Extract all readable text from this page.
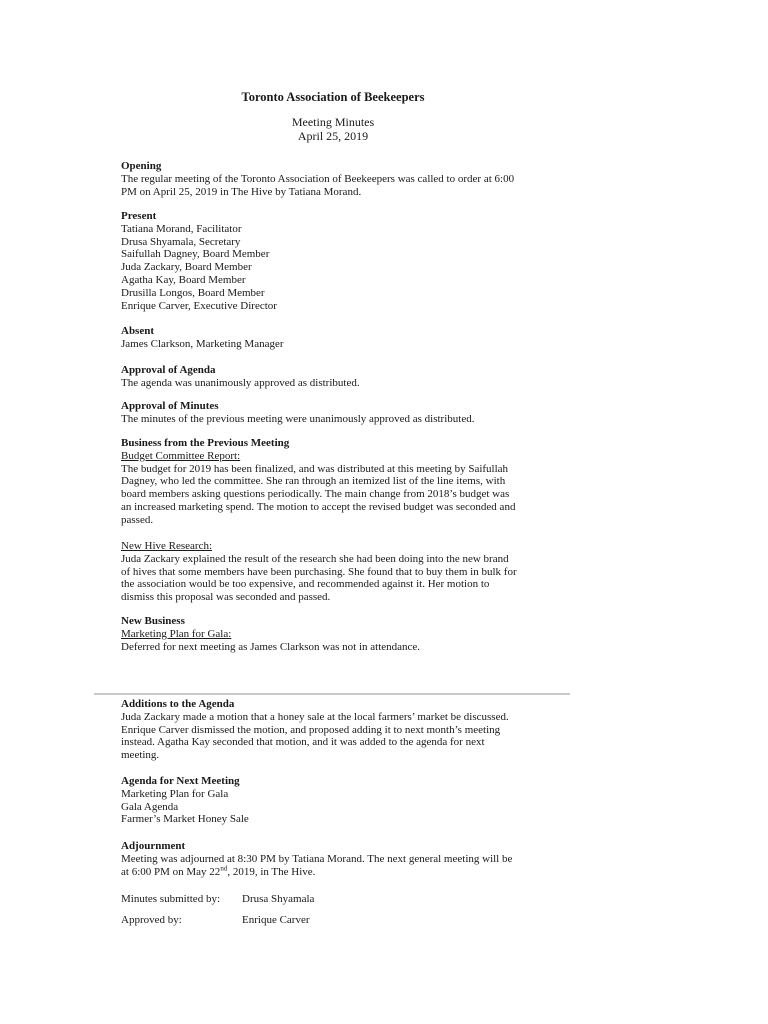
Toronto Association of Beekeepers

Meeting Minutes

April 25, 2019

Opening

The regular meeting of the Toronto Association of Beekeepers was called to order at 6:00

PM on April 25, 2019 in The Hive by Tatiana Morand.

Present

Tatiana Morand, Facilitator

Drusa Shyamala, Secretary

Saifullah Dagney, Board Member

Juda Zackary, Board Member

Agatha Kay, Board Member

Drusilla Longos, Board Member

Enrique Carver, Executive Director

Absent

James Clarkson, Marketing Manager

Approval of Agenda

The agenda was unanimously approved as distributed.

Approval of Minutes

The minutes of the previous meeting were unanimously approved as distributed.

Business from the Previous Meeting

Budget Committee Report:

The budget for 2019 has been finalized, and was distributed at this meeting by Saifullah

Dagney, who led the committee. She ran through an itemized list of the line items, with

board members asking questions periodically. The main change from 2018’s budget was

an increased marketing spend. The motion to accept the revised budget was seconded and

passed.

New Hive Research:

Juda Zackary explained the result of the research she had been doing into the new brand

of hives that some members have been purchasing. She found that to buy them in bulk for

the association would be too expensive, and recommended against it. Her motion to

dismiss this proposal was seconded and passed.

New Business

Marketing Plan for Gala:

Deferred for next meeting as James Clarkson was not in attendance.

Additions to the Agenda

Juda Zackary made a motion that a honey sale at the local farmers’ market be discussed.

Enrique Carver dismissed the motion, and proposed adding it to next month’s meeting

instead. Agatha Kay seconded that motion, and it was added to the agenda for next

meeting.

Agenda for Next Meeting

Marketing Plan for Gala

Gala Agenda

Farmer’s Market Honey Sale

Adjournment

Meeting was adjourned at 8:30 PM by Tatiana Morand. The next general meeting will be

at 6:00 PM on May 22nd, 2019, in The Hive.

Minutes submitted by: Drusa Shyamala
Approved by:	Enrique Carver
